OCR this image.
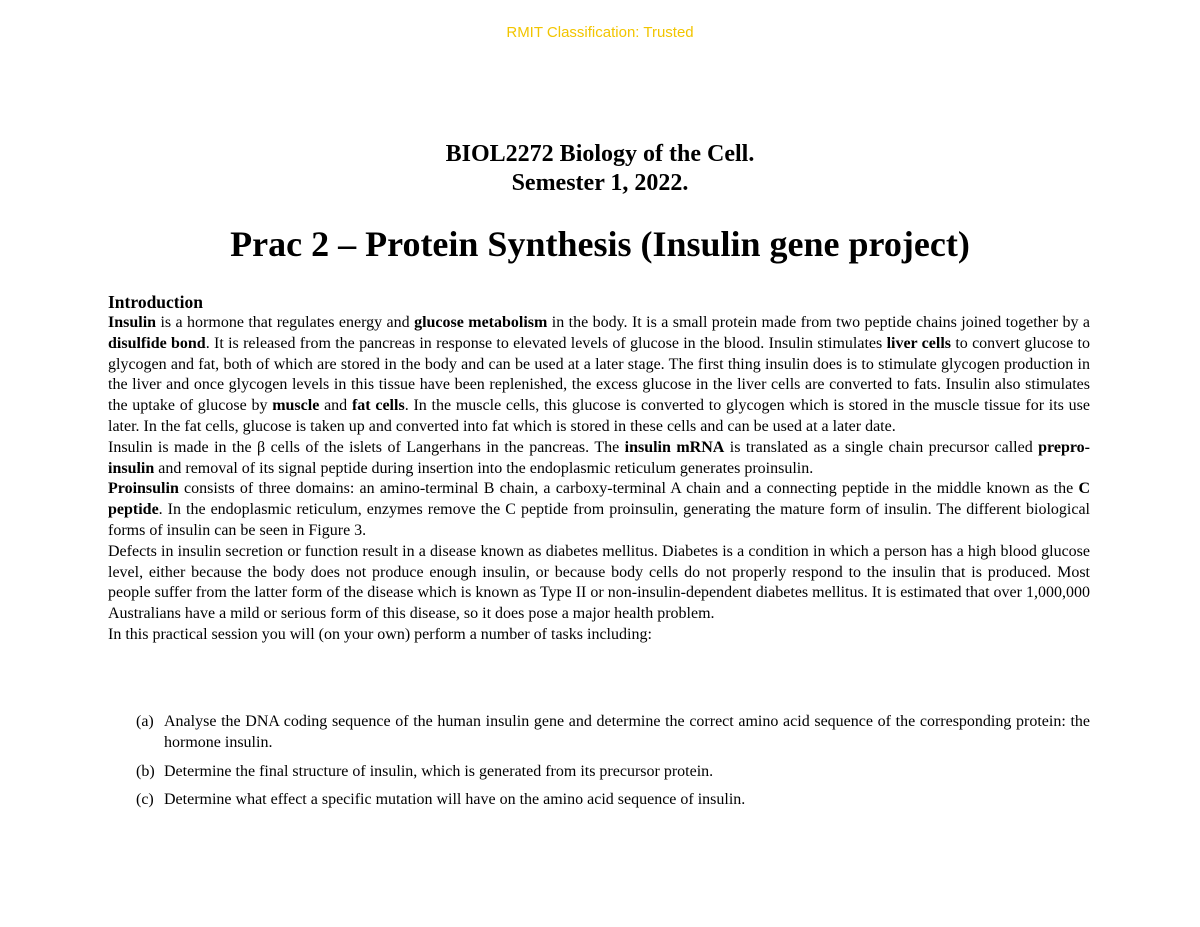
RMIT Classification: Trusted
BIOL2272 Biology of the Cell.
Semester 1, 2022.
Prac 2 – Protein Synthesis (Insulin gene project)
Introduction
Insulin is a hormone that regulates energy and glucose metabolism in the body. It is a small protein made from two peptide chains joined together by a disulfide bond. It is released from the pancreas in response to elevated levels of glucose in the blood. Insulin stimulates liver cells to convert glucose to glycogen and fat, both of which are stored in the body and can be used at a later stage. The first thing insulin does is to stimulate glycogen production in the liver and once glycogen levels in this tissue have been replenished, the excess glucose in the liver cells are converted to fats. Insulin also stimulates the uptake of glucose by muscle and fat cells. In the muscle cells, this glucose is converted to glycogen which is stored in the muscle tissue for its use later. In the fat cells, glucose is taken up and converted into fat which is stored in these cells and can be used at a later date.
Insulin is made in the β cells of the islets of Langerhans in the pancreas. The insulin mRNA is translated as a single chain precursor called prepro-insulin and removal of its signal peptide during insertion into the endoplasmic reticulum generates proinsulin.
Proinsulin consists of three domains: an amino-terminal B chain, a carboxy-terminal A chain and a connecting peptide in the middle known as the C peptide. In the endoplasmic reticulum, enzymes remove the C peptide from proinsulin, generating the mature form of insulin. The different biological forms of insulin can be seen in Figure 3.
Defects in insulin secretion or function result in a disease known as diabetes mellitus. Diabetes is a condition in which a person has a high blood glucose level, either because the body does not produce enough insulin, or because body cells do not properly respond to the insulin that is produced. Most people suffer from the latter form of the disease which is known as Type II or non-insulin-dependent diabetes mellitus. It is estimated that over 1,000,000 Australians have a mild or serious form of this disease, so it does pose a major health problem.
In this practical session you will (on your own) perform a number of tasks including:
(a) Analyse the DNA coding sequence of the human insulin gene and determine the correct amino acid sequence of the corresponding protein: the hormone insulin.
(b) Determine the final structure of insulin, which is generated from its precursor protein.
(c) Determine what effect a specific mutation will have on the amino acid sequence of insulin.
